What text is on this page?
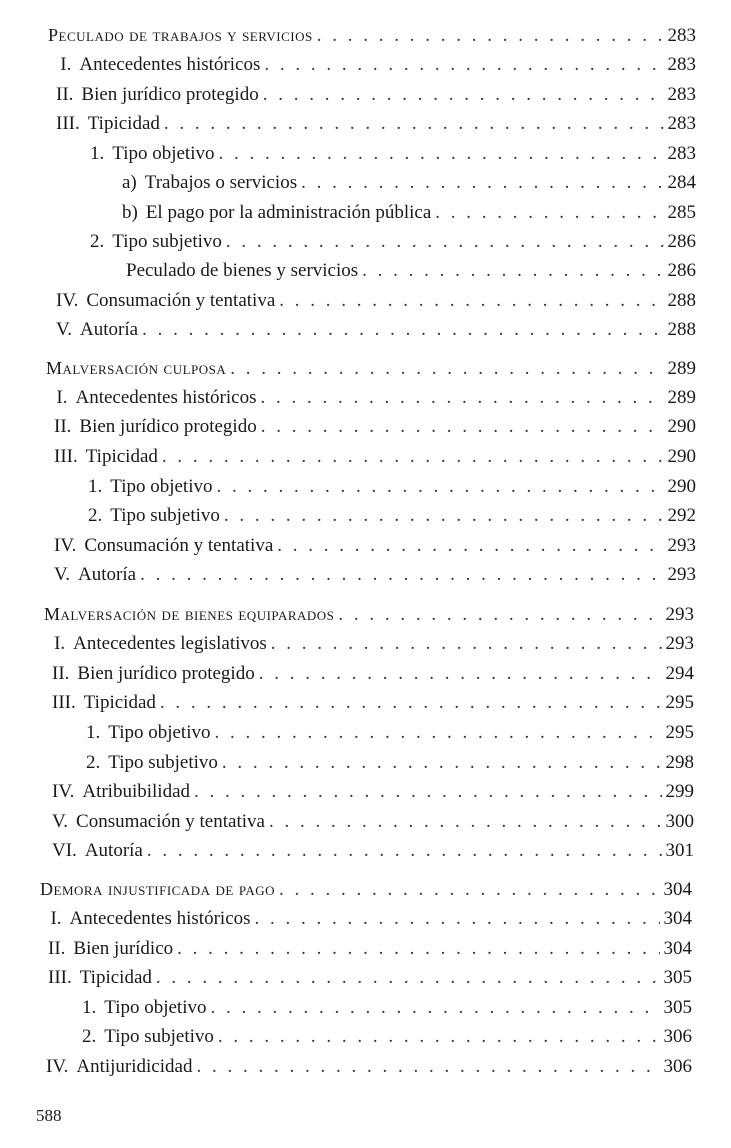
Peculado de trabajos y servicios . . .	283
I. Antecedentes históricos . . .	283
II. Bien jurídico protegido . . .	283
III. Tipicidad . . .	283
1. Tipo objetivo . . .	283
a) Trabajos o servicios . . .	284
b) El pago por la administración pública . . .	285
2. Tipo subjetivo . . .	286
Peculado de bienes y servicios . . .	286
IV. Consumación y tentativa . . .	288
V. Autoría . . .	288
Malversación culposa . . .	289
I. Antecedentes históricos . . .	289
II. Bien jurídico protegido . . .	290
III. Tipicidad . . .	290
1. Tipo objetivo . . .	290
2. Tipo subjetivo . . .	292
IV. Consumación y tentativa . . .	293
V. Autoría . . .	293
Malversación de bienes equiparados . . .	293
I. Antecedentes legislativos . . .	293
II. Bien jurídico protegido . . .	294
III. Tipicidad . . .	295
1. Tipo objetivo . . .	295
2. Tipo subjetivo . . .	298
IV. Atribuibilidad . . .	299
V. Consumación y tentativa . . .	300
VI. Autoría . . .	301
Demora injustificada de pago . . .	304
I. Antecedentes históricos . . .	304
II. Bien jurídico . . .	304
III. Tipicidad . . .	305
1. Tipo objetivo . . .	305
2. Tipo subjetivo . . .	306
IV. Antijuridicidad . . .	306
588
